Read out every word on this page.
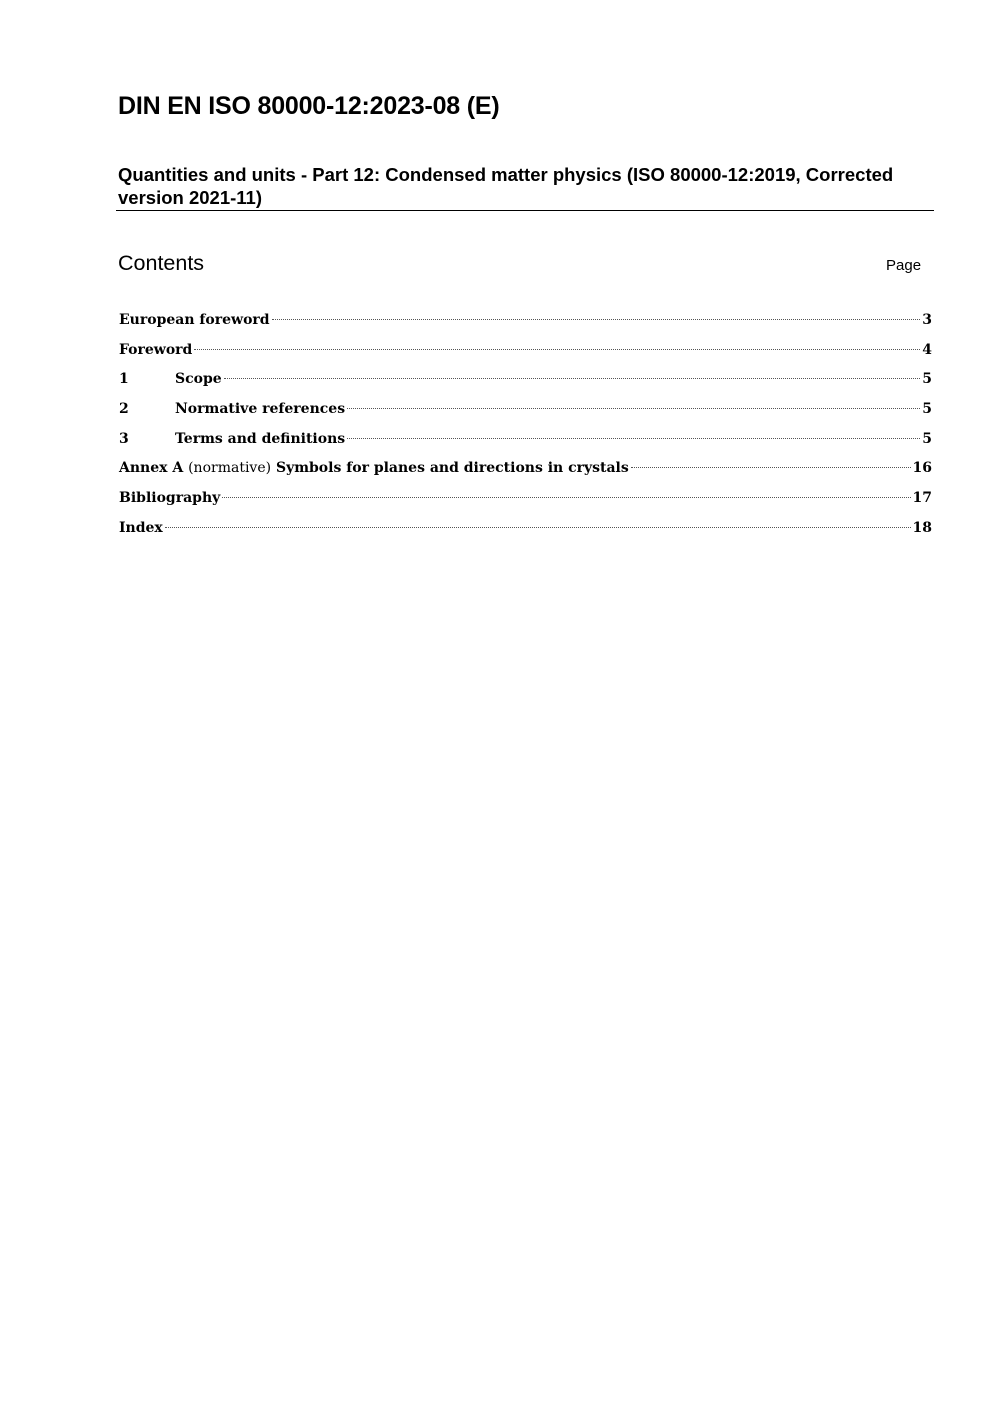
DIN EN ISO 80000-12:2023-08 (E)
Quantities and units - Part 12: Condensed matter physics (ISO 80000-12:2019, Corrected version 2021-11)
Contents	Page
European foreword	3
Foreword	4
1	Scope	5
2	Normative references	5
3	Terms and definitions	5
Annex A (normative) Symbols for planes and directions in crystals	16
Bibliography	17
Index	18
